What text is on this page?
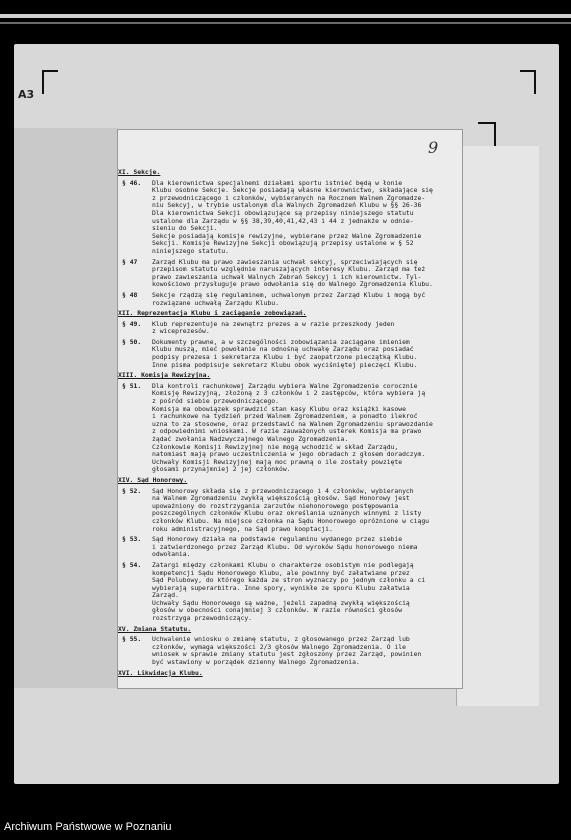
A3
9
XI. Sekcje.
§ 46.	Dla kierownictwa specjalnemi działami sportu istnieć będą w łonie
Klubu osobne Sekcje. Sekcje posiadają własne kierownictwo, składające się
z przewodniczącego i członków, wybieranych na Rocznem Walnem Zgromadze-
niu Sekcyj, w trybie ustalonym dla Walnych Zgromadzeń Klubu w §§ 26-36
Dla kierownictwa Sekcji obowiązujące są przepisy niniejszego statutu
ustalone dla Zarządu w §§ 38,39,40,41,42,43 i 44 z jednakże w odnie-
sieniu do Sekcji.
Sekcje posiadają komisje rewizyjne, wybierane przez Walne Zgromadzenie
Sekcji. Komisje Rewizyjne Sekcji obowiązują przepisy ustalone w § 52
niniejszego statutu.
§ 47	Zarząd Klubu ma prawo zawieszania uchwał sekcyj, sprzeciwiających się
przepisom statutu względnie naruszających interesy Klubu. Zarząd ma też
prawo zawieszania uchwał Walnych Zebrań Sekcyj i ich kierownictw. Tyl-
kowościowo przysługuje prawo odwołania się do Walnego Zgromadzenia Klubu.
§ 48	Sekcje rządzą się regulaminem, uchwalonym przez Zarząd Klubu i mogą być
rozwiązane uchwałą Zarządu Klubu.
XII. Reprezentacja Klubu i zaciąganie zobowiązań.
§ 49.	Klub reprezentuje na zewnątrz prezes a w razie przeszkody jeden
z wiceprezesów.
§ 50.	Dokumenty prawne, a w szczególności zobowiązania zaciągane imieniem
Klubu muszą, mieć powołanie na odnośną uchwałę Zarządu oraz posiadać
podpisy prezesa i sekretarza Klubu i być zaopatrzone pieczątką Klubu.
Inne pisma podpisuje sekretarz Klubu obok wyciśniętej pieczęci Klubu.
XIII. Komisja Rewizyjna.
§ 51.	Dla kontroli rachunkowej Zarządu wybiera Walne Zgromadzenie corocznie
Komisję Rewizyjną, złożoną z 3 członków i 2 zastępców, która wybiera ją
z pośród siebie przewodniczącego.
Komisja ma obowiązek sprawdzić stan kasy Klubu oraz książki kasowe
i rachunkowe na tydzień przed Walnem Zgromadzeniem, a ponadto ilekroć
uzna to za stosowne, oraz przedstawić na Walnem Zgromadzeniu sprawozdanie
z odpowiednimi wnioskami. W razie zauważonych usterek Komisja ma prawo
żądać zwołania Nadzwyczajnego Walnego Zgromadzenia.
Członkowie Komisji Rewizyjnej nie mogą wchodzić w skład Zarządu,
natomiast mają prawo uczestniczenia w jego obradach z głosem doradczym.
Uchwały Komisji Rewizyjnej mają moc prawną o ile zostały powzięte
głosami przynajmniej 2 jej członków.
XIV. Sąd Honorowy.
§ 52.	Sąd Honorowy składa się z przewodniczącego i 4 członków, wybieranych
na Walnem Zgromadzeniu zwykłą większością głosów. Sąd Honorowy jest
upoważniony do rozstrzygania zarzutów niehonorowego postępowania
poszczególnych członków Klubu oraz określania uznanych winnymi z listy
członków Klubu. Na miejsce członka na Sądu Honorowego opróżnione w ciągu
roku administracyjnego, na Sąd prawo kooptacji.
§ 53.	Sąd Honorowy działa na podstawie regulaminu wydanego przez siebie
i zatwierdzonego przez Zarząd Klubu. Od wyroków Sądu honorowego niema
odwołania.
§ 54.	Zatargi między członkami Klubu o charakterze osobistym nie podlegają
kompetencji Sądu Honorowego Klubu, ale powinny być załatwiane przez
Sąd Polubowy, do którego każda ze stron wyznaczy po jednym członku a ci
wybierają superarbitra. Inne spory, wynikłe ze sporu Klubu załatwia
Zarząd.
Uchwały Sądu Honorowego są ważne, jeżeli zapadną zwykłą większością
głosów w obecności conajmniej 3 członków. W razie równości głosów
rozstrzyga przewodniczący.
XV. Zmiana Statutu.
§ 55.	Uchwalenie wniosku o zmianę statutu, z głosowanego przez Zarząd lub
członków, wymaga większości 2/3 głosów Walnego Zgromadzenia. O ile
wniosek w sprawie zmiany statutu jest zgłoszony przez Zarząd, powinien
być wstawiony w porządek dzienny Walnego Zgromadzenia.
XVI. Likwidacja Klubu.
Archiwum Państwowe w Poznaniu
